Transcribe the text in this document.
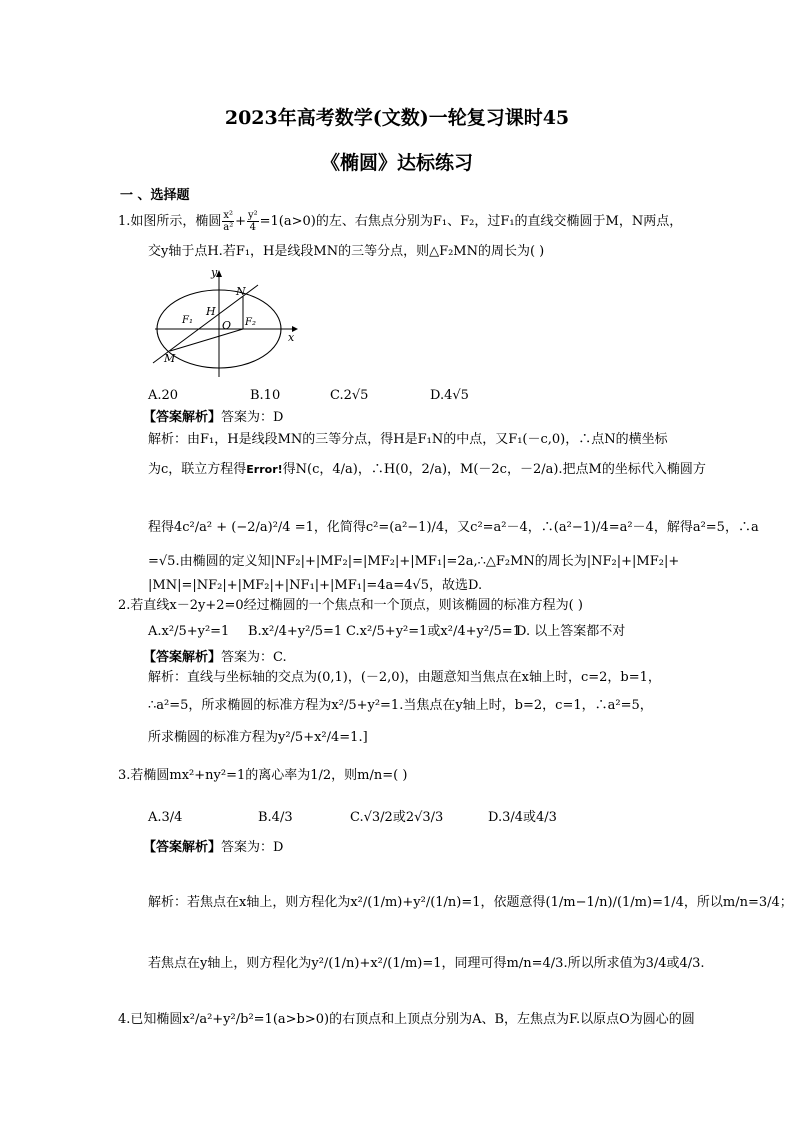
2023年高考数学(文数)一轮复习课时45
《椭圆》达标练习
一 、选择题
1.如图所示，椭圆 $\frac{\text{x²}}{\text{a²}} + \frac{\text{y²}}{4} =1(a>0)$的左、右焦点分别为F₁、F₂，过F₁的直线交椭圆于M，N两点，
交y轴于点H.若F₁，H是线段MN的三等分点，则△F₂MN的周长为( )
y
x
O
N
H
M
F₁	F₂
A.20	B.10	C.2√5	D.4√5
【答案解析】答案为：D
解析：由F₁，H是线段MN的三等分点，得H是F₁N的中点，又F₁(－c,0)，∴点N的横坐标
为c，联立方程得Error!得N(c，4/a)，∴H(0，2/a)，M(－2c，－2/a).把点M的坐标代入椭圆方
程得4c²/a² + (−2/a)²/4 =1，化简得c²=(a²−1)/4，又c²=a²－4，∴(a²−1)/4=a²－4，解得a²=5，∴a
=√5.由椭圆的定义知|NF₂|+|MF₂|=|MF₂|+|MF₁|=2a,∴△F₂MN的周长为|NF₂|+|MF₂|+
|MN|=|NF₂|+|MF₂|+|NF₁|+|MF₁|=4a=4√5，故选D.
2.若直线x－2y+2=0经过椭圆的一个焦点和一个顶点，则该椭圆的标准方程为( )
A.x²/5+y²=1 B.x²/4+y²/5=1 C.x²/5+y²=1或x²/4+y²/5=1
D. 以上答案都不对
【答案解析】答案为：C.
解析：直线与坐标轴的交点为(0,1)，(－2,0)，由题意知当焦点在x轴上时，c=2，b=1，
∴a²=5，所求椭圆的标准方程为x²/5+y²=1.当焦点在y轴上时，b=2，c=1，∴a²=5，
所求椭圆的标准方程为y²/5+x²/4=1.]
3.若椭圆mx²+ny²=1的离心率为1/2，则m/n=( )
A.3/4	B.4/3	C.√3/2或2√3/3	D.3/4或4/3
【答案解析】答案为：D
解析：若焦点在x轴上，则方程化为x²/(1/m)+y²/(1/n)=1，依题意得(1/m−1/n)/(1/m)=1/4，所以m/n=3/4；
若焦点在y轴上，则方程化为y²/(1/n)+x²/(1/m)=1，同理可得m/n=4/3.所以所求值为3/4或4/3.
4.已知椭圆x²/a²+y²/b²=1(a>b>0)的右顶点和上顶点分别为A、B，左焦点为F.以原点O为圆心的圆
